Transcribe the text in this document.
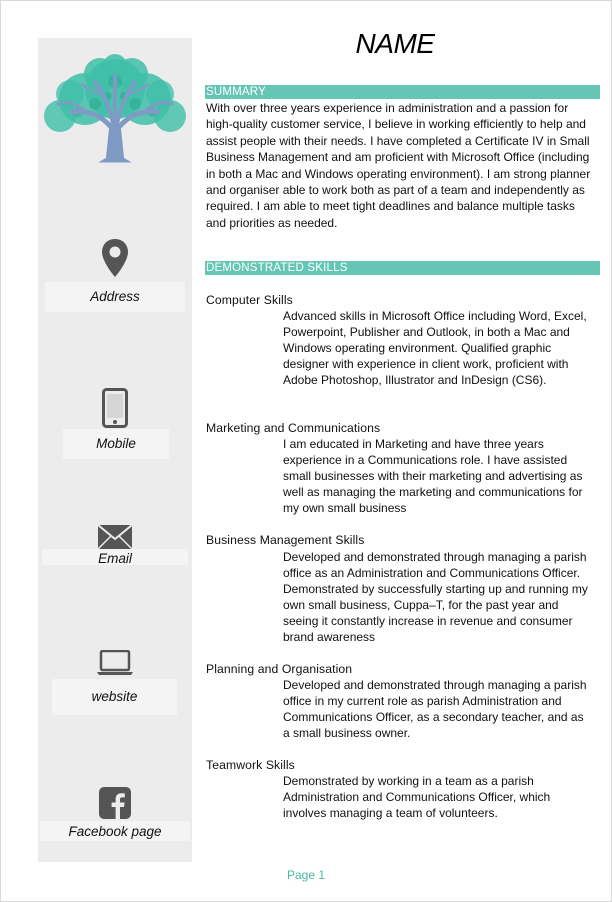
Address
Mobile
Email
website
Facebook page
NAME
SUMMARY
With over three years experience in administration and a passion for high-quality customer service, I believe in working efficiently to help and assist people with their needs. I have completed a Certificate IV in Small Business Management and am proficient with Microsoft Office (including in both a Mac and Windows operating environment). I am strong planner and organiser able to work both as part of a team and independently as required. I am able to meet tight deadlines and balance multiple tasks and priorities as needed.
DEMONSTRATED SKILLS
Computer Skills
Advanced skills in Microsoft Office including Word, Excel, Powerpoint, Publisher and Outlook, in both a Mac and Windows operating environment. Qualified graphic designer with experience in client work, proficient with Adobe Photoshop, Illustrator and InDesign (CS6).
Marketing and Communications
I am educated in Marketing and have three years experience in a Communications role. I have assisted small businesses with their marketing and advertising as well as managing the marketing and communications for my own small business
Business Management Skills
Developed and demonstrated through managing a parish office as an Administration and Communications Officer. Demonstrated by successfully starting up and running my own small business, Cuppa–T, for the past year and seeing it constantly increase in revenue and consumer brand awareness
Planning and Organisation
Developed and demonstrated through managing a parish office in my current role as parish Administration and Communications Officer, as a secondary teacher, and as a small business owner.
Teamwork Skills
Demonstrated by working in a team as a parish Administration and Communications Officer, which involves managing a team of volunteers.
Page 1
